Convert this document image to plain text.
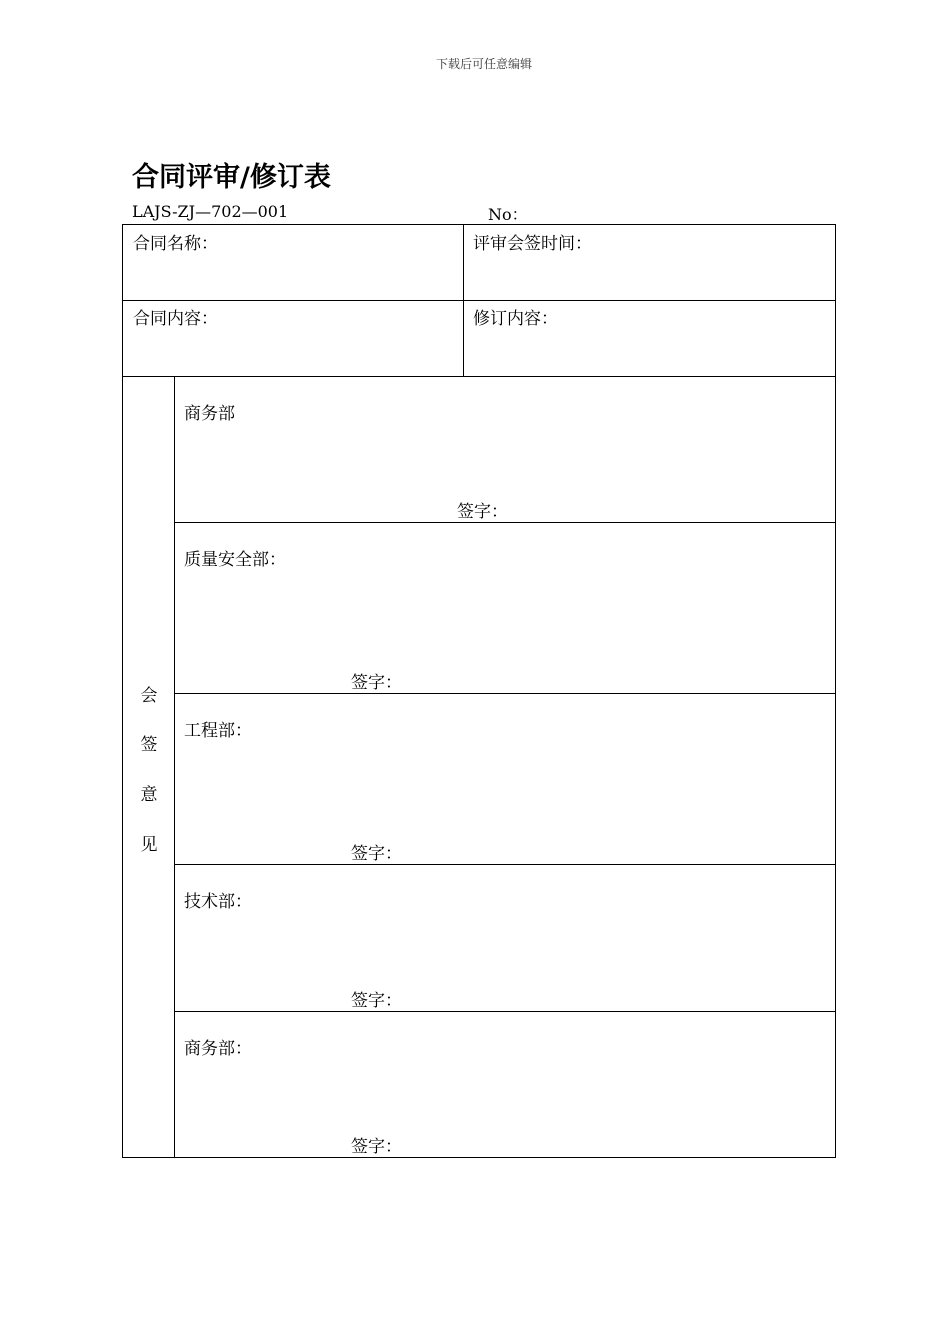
下载后可任意编辑
合同评审/修订表
LAJS-ZJ—702—001	No：
合同名称：	评审会签时间：
合同内容：	修订内容：
会
签
意
见
商务部
签字：
质量安全部：
签字：
工程部：
签字：
技术部：
签字：
商务部：
签字：
